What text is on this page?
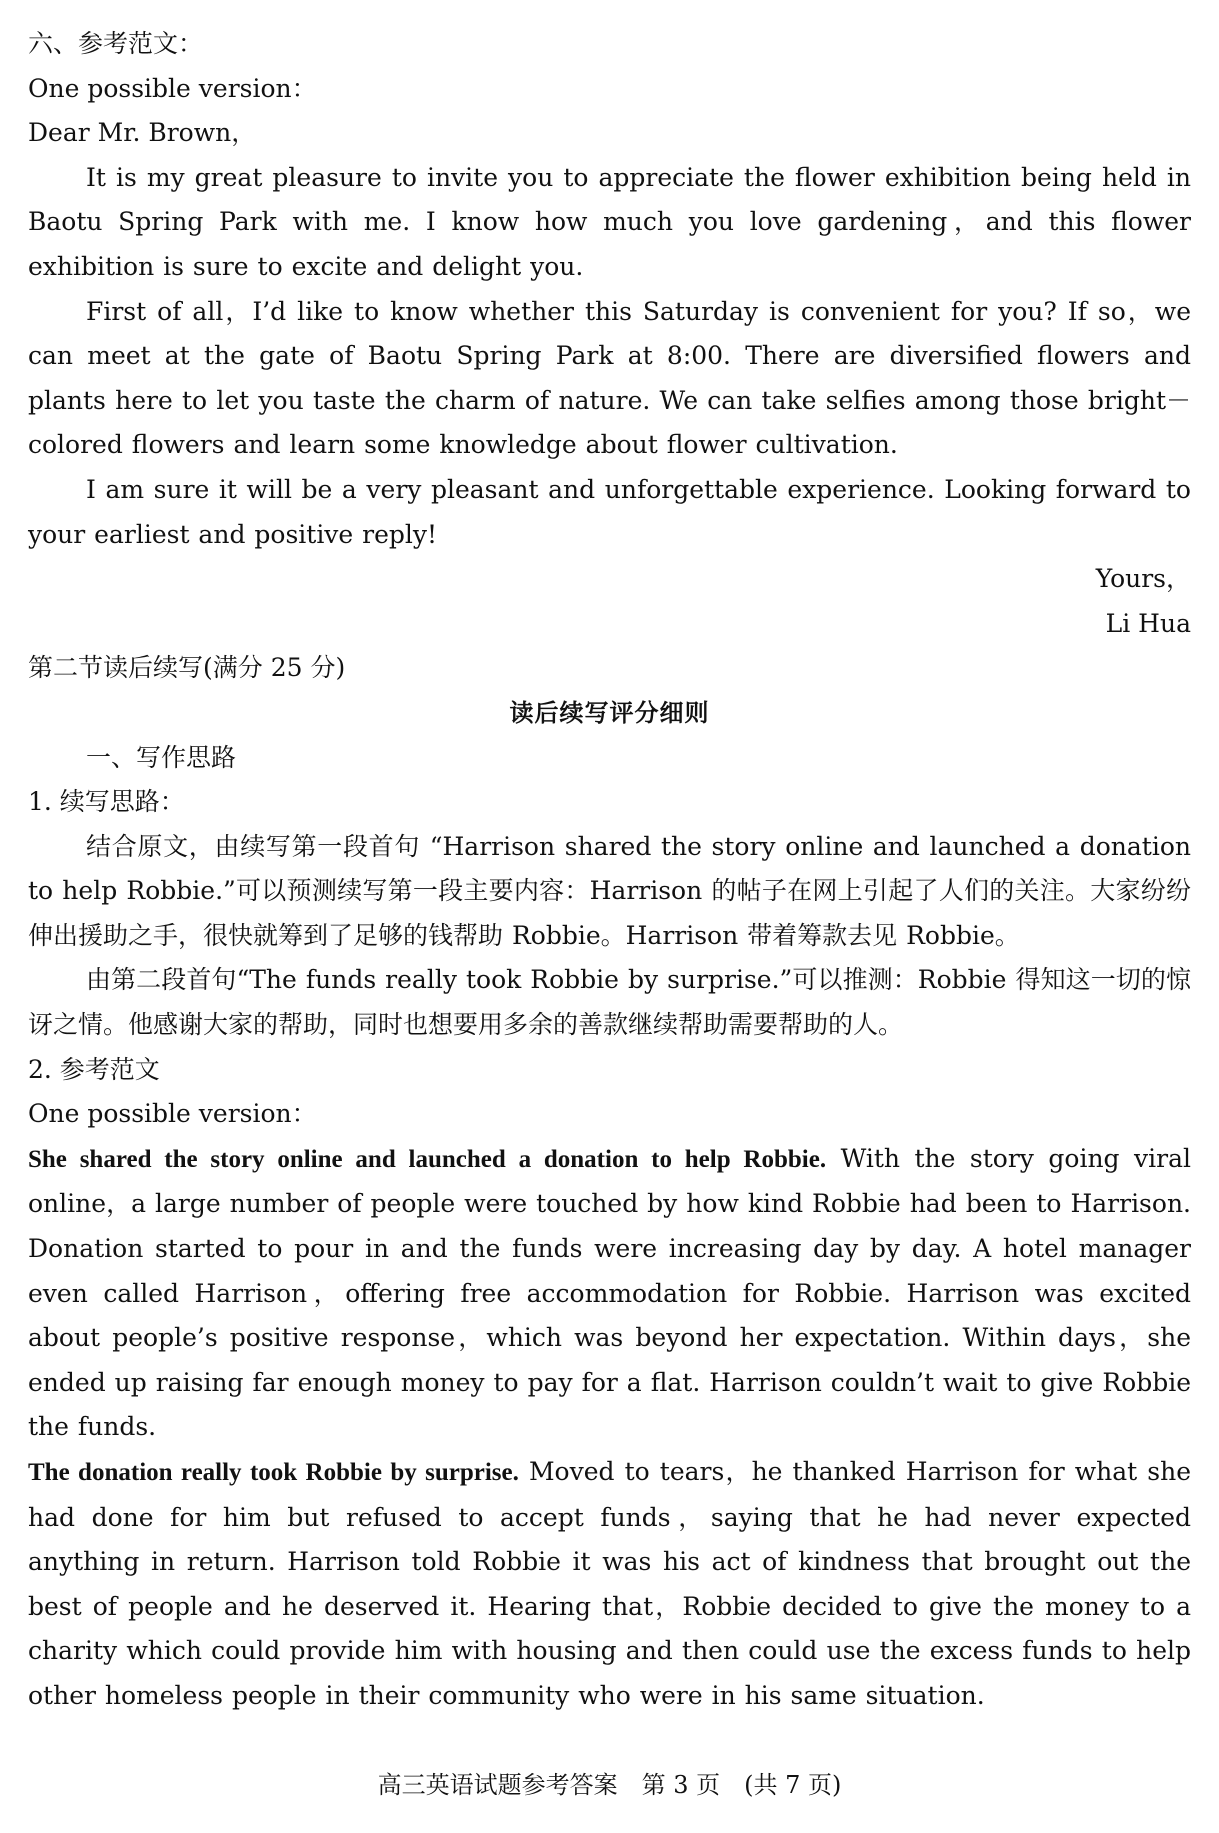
六、参考范文：

One possible version：

Dear Mr. Brown，

It is my great pleasure to invite you to appreciate the flower exhibition being held in Baotu Spring Park with me. I know how much you love gardening，and this flower exhibition is sure to excite and delight you.

First of all，I’d like to know whether this Saturday is convenient for you? If so，we can meet at the gate of Baotu Spring Park at 8:00. There are diversified flowers and plants here to let you taste the charm of nature. We can take selfies among those bright－colored flowers and learn some knowledge about flower cultivation.

I am sure it will be a very pleasant and unforgettable experience. Looking forward to your earliest and positive reply!

Yours，

Li Hua

第二节读后续写(满分 25 分)

读后续写评分细则

一、写作思路

1. 续写思路：

结合原文，由续写第一段首句 “Harrison shared the story online and launched a donation to help Robbie.”可以预测续写第一段主要内容：Harrison 的帖子在网上引起了人们的关注。大家纷纷伸出援助之手，很快就筹到了足够的钱帮助 Robbie。Harrison 带着筹款去见 Robbie。

由第二段首句“The funds really took Robbie by surprise.”可以推测：Robbie 得知这一切的惊讶之情。他感谢大家的帮助，同时也想要用多余的善款继续帮助需要帮助的人。

2. 参考范文

One possible version：

She shared the story online and launched a donation to help Robbie. With the story going viral online，a large number of people were touched by how kind Robbie had been to Harrison. Donation started to pour in and the funds were increasing day by day. A hotel manager even called Harrison，offering free accommodation for Robbie. Harrison was excited about people’s positive response，which was beyond her expectation. Within days，she ended up raising far enough money to pay for a flat. Harrison couldn’t wait to give Robbie the funds.

The donation really took Robbie by surprise. Moved to tears，he thanked Harrison for what she had done for him but refused to accept funds，saying that he had never expected anything in return. Harrison told Robbie it was his act of kindness that brought out the best of people and he deserved it. Hearing that，Robbie decided to give the money to a charity which could provide him with housing and then could use the excess funds to help other homeless people in their community who were in his same situation.

高三英语试题参考答案　第 3 页　(共 7 页)
